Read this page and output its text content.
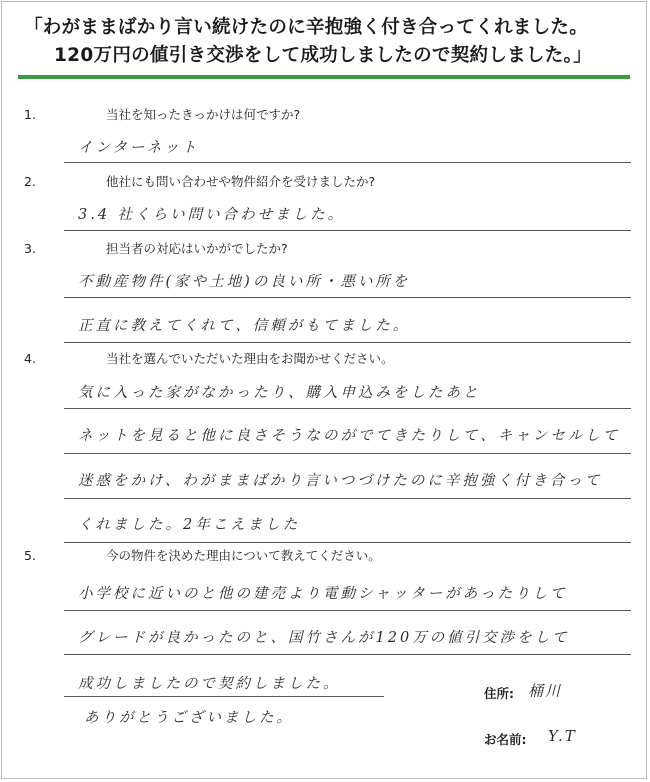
「わがままばかり言い続けたのに辛抱強く付き合ってくれました。
120万円の値引き交渉をして成功しましたので契約しました。」
1.	当社を知ったきっかけは何ですか?
インターネット
2.	他社にも問い合わせや物件紹介を受けましたか?
3.4 社くらい問い合わせました。
3.	担当者の対応はいかがでしたか?
不動産物件(家や土地)の良い所・悪い所を
正直に教えてくれて、信頼がもてました。
4.	当社を選んでいただいた理由をお聞かせください。
気に入った家がなかったり、購入申込みをしたあと
ネットを見ると他に良さそうなのがでてきたりして、キャンセルして
迷惑をかけ、わがままばかり言いつづけたのに辛抱強く付き合って
くれました。2年こえました
5.	今の物件を決めた理由について教えてください。
小学校に近いのと他の建売より電動シャッターがあったりして
グレードが良かったのと、国竹さんが120万の値引交渉をして
成功しましたので契約しました。
ありがとうございました。
住所: 桶川
お名前: Y.T
